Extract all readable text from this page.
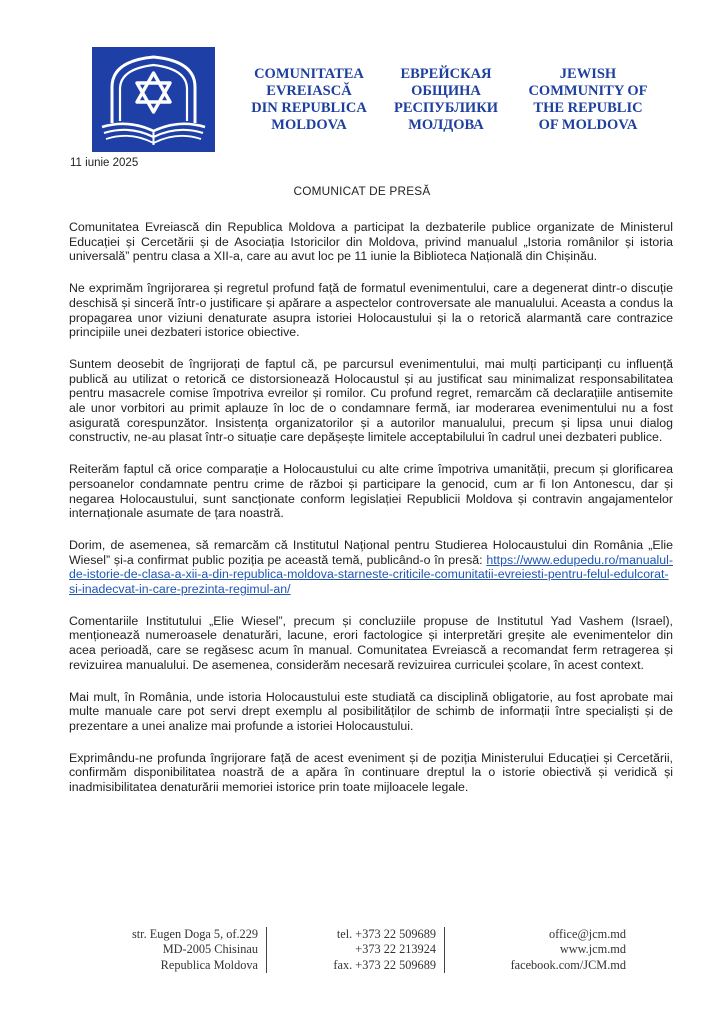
COMUNITATEA
EVREIASCĂ
DIN REPUBLICA
MOLDOVA
ЕВРЕЙСКАЯ
ОБЩИНА
РЕСПУБЛИКИ
МОЛДОВА
JEWISH
COMMUNITY OF
THE REPUBLIC
OF MOLDOVA
11 iunie 2025
COMUNICAT DE PRESĂ

Comunitatea Evreiască din Republica Moldova a participat la dezbaterile publice organizate de Ministerul Educației și Cercetării și de Asociația Istoricilor din Moldova, privind manualul „Istoria românilor și istoria universală” pentru clasa a XII-a, care au avut loc pe 11 iunie la Biblioteca Națională din Chișinău.

Ne exprimăm îngrijorarea și regretul profund față de formatul evenimentului, care a degenerat dintr-o discuție deschisă și sinceră într-o justificare și apărare a aspectelor controversate ale manualului. Aceasta a condus la propagarea unor viziuni denaturate asupra istoriei Holocaustului și la o retorică alarmantă care contrazice principiile unei dezbateri istorice obiective.

Suntem deosebit de îngrijorați de faptul că, pe parcursul evenimentului, mai mulți participanți cu influență publică au utilizat o retorică ce distorsionează Holocaustul și au justificat sau minimalizat responsabilitatea pentru masacrele comise împotriva evreilor și romilor. Cu profund regret, remarcăm că declarațiile antisemite ale unor vorbitori au primit aplauze în loc de o condamnare fermă, iar moderarea evenimentului nu a fost asigurată corespunzător. Insistența organizatorilor și a autorilor manualului, precum și lipsa unui dialog constructiv, ne-au plasat într-o situație care depășește limitele acceptabilului în cadrul unei dezbateri publice.

Reiterăm faptul că orice comparație a Holocaustului cu alte crime împotriva umanității, precum și glorificarea persoanelor condamnate pentru crime de război și participare la genocid, cum ar fi Ion Antonescu, dar și negarea Holocaustului, sunt sancționate conform legislației Republicii Moldova și contravin angajamentelor internaționale asumate de țara noastră.

Dorim, de asemenea, să remarcăm că Institutul Național pentru Studierea Holocaustului din România „Elie Wiesel” și-a confirmat public poziția pe această temă, publicând-o în presă: https://www.edupedu.ro/manualul-de-istorie-de-clasa-a-xii-a-din-republica-moldova-starneste-criticile-comunitatii-evreiesti-pentru-felul-edulcorat-si-inadecvat-in-care-prezinta-regimul-an/

Comentariile Institutului „Elie Wiesel”, precum și concluziile propuse de Institutul Yad Vashem (Israel), menționează numeroasele denaturări, lacune, erori factologice și interpretări greșite ale evenimentelor din acea perioadă, care se regăsesc acum în manual. Comunitatea Evreiască a recomandat ferm retragerea și revizuirea manualului. De asemenea, considerăm necesară revizuirea curriculei școlare, în acest context.

Mai mult, în România, unde istoria Holocaustului este studiată ca disciplină obligatorie, au fost aprobate mai multe manuale care pot servi drept exemplu al posibilităților de schimb de informații între specialiști și de prezentare a unei analize mai profunde a istoriei Holocaustului.

Exprimându-ne profunda îngrijorare față de acest eveniment și de poziția Ministerului Educației și Cercetării, confirmăm disponibilitatea noastră de a apăra în continuare dreptul la o istorie obiectivă și veridică și inadmisibilitatea denaturării memoriei istorice prin toate mijloacele legale.

str. Eugen Doga 5, of.229
MD-2005 Chisinau
Republica Moldova
tel. +373 22 509689
+373 22 213924
fax. +373 22 509689
office@jcm.md
www.jcm.md
facebook.com/JCM.md
